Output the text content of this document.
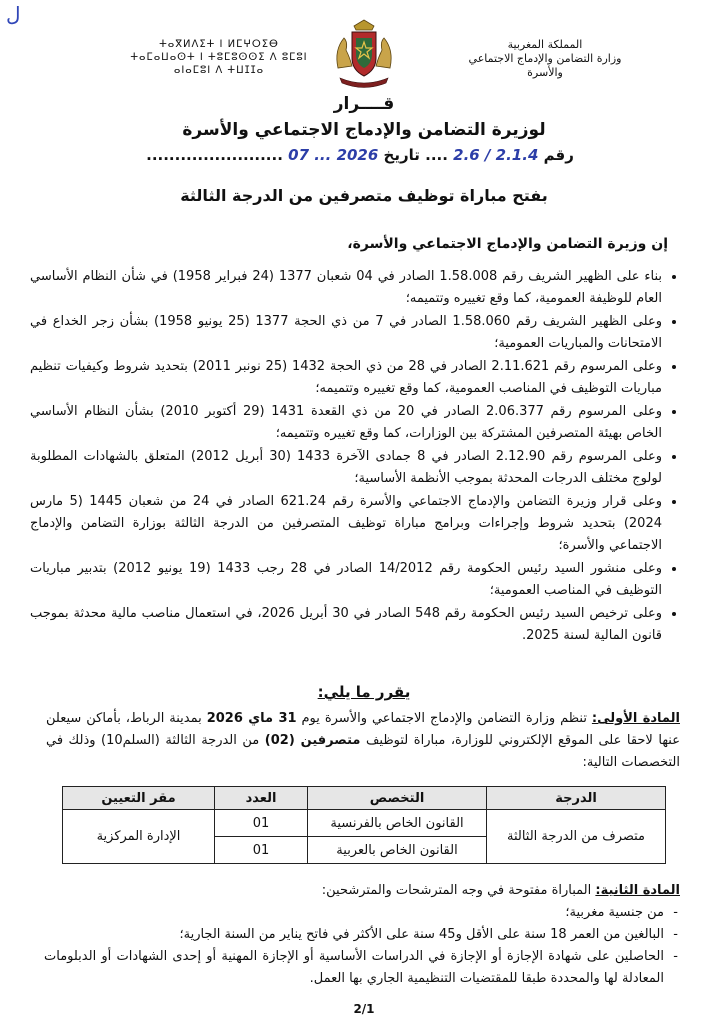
ل
ⵜⴰⴳⵍⴷⵉⵜ ⵏ ⵍⵎⵖⵔⵉⴱ
ⵜⴰⵎⴰⵡⴰⵙⵜ ⵏ ⵜⵓⵎⵓⵙⵙⵉ ⴷ ⵓⵎⵓⵏ
ⴰⵏⴰⵎⵓⵏ ⴷ ⵜⵡⵊⵊⴰ
المملكة المغربية
وزارة التضامن والإدماج الاجتماعي
والأسرة
قــــرار
لوزيرة التضامن والإدماج الاجتماعي والأسرة
رقم 2.1.4 / 2.6 .... تاريخ 2026 ... 07 ........................
بفتح مباراة توظيف متصرفين من الدرجة الثالثة
إن وزيرة التضامن والإدماج الاجتماعي والأسرة،
• بناء على الظهير الشريف رقم 1.58.008 الصادر في 04 شعبان 1377 (24 فبراير 1958) في شأن النظام الأساسي العام للوظيفة العمومية، كما وقع تغييره وتتميمه؛
• وعلى الظهير الشريف رقم 1.58.060 الصادر في 7 من ذي الحجة 1377 (25 يونيو 1958) بشأن زجر الخداع في الامتحانات والمباريات العمومية؛
• وعلى المرسوم رقم 2.11.621 الصادر في 28 من ذي الحجة 1432 (25 نونبر 2011) بتحديد شروط وكيفيات تنظيم مباريات التوظيف في المناصب العمومية، كما وقع تغييره وتتميمه؛
• وعلى المرسوم رقم 2.06.377 الصادر في 20 من ذي القعدة 1431 (29 أكتوبر 2010) بشأن النظام الأساسي الخاص بهيئة المتصرفين المشتركة بين الوزارات، كما وقع تغييره وتتميمه؛
• وعلى المرسوم رقم 2.12.90 الصادر في 8 جمادى الآخرة 1433 (30 أبريل 2012) المتعلق بالشهادات المطلوبة لولوج مختلف الدرجات المحدثة بموجب الأنظمة الأساسية؛
• وعلى قرار وزيرة التضامن والإدماج الاجتماعي والأسرة رقم 621.24 الصادر في 24 من شعبان 1445 (5 مارس 2024) بتحديد شروط وإجراءات وبرامج مباراة توظيف المتصرفين من الدرجة الثالثة بوزارة التضامن والإدماج الاجتماعي والأسرة؛
• وعلى منشور السيد رئيس الحكومة رقم 14/2012 الصادر في 28 رجب 1433 (19 يونيو 2012) بتدبير مباريات التوظيف في المناصب العمومية؛
• وعلى ترخيص السيد رئيس الحكومة رقم 548 الصادر في 30 أبريل 2026، في استعمال مناصب مالية محدثة بموجب قانون المالية لسنة 2025.
يقرر ما يلي:
المادة الأولى: تنظم وزارة التضامن والإدماج الاجتماعي والأسرة يوم 31 ماي 2026 بمدينة الرباط، بأماكن سيعلن عنها لاحقا على الموقع الإلكتروني للوزارة، مباراة لتوظيف متصرفين (02) من الدرجة الثالثة (السلم10) وذلك في التخصصات التالية:
الدرجة	التخصص	العدد	مقر التعيين
متصرف من الدرجة الثالثة	القانون الخاص بالفرنسية	01	الإدارة المركزية
	القانون الخاص بالعربية	01	
المادة الثانية: المباراة مفتوحة في وجه المترشحات والمترشحين:
- من جنسية مغربية؛
- البالغين من العمر 18 سنة على الأقل و45 سنة على الأكثر في فاتح يناير من السنة الجارية؛
- الحاصلين على شهادة الإجازة أو الإجازة في الدراسات الأساسية أو الإجازة المهنية أو إحدى الشهادات أو الدبلومات المعادلة لها والمحددة طبقا للمقتضيات التنظيمية الجاري بها العمل.
2/1
